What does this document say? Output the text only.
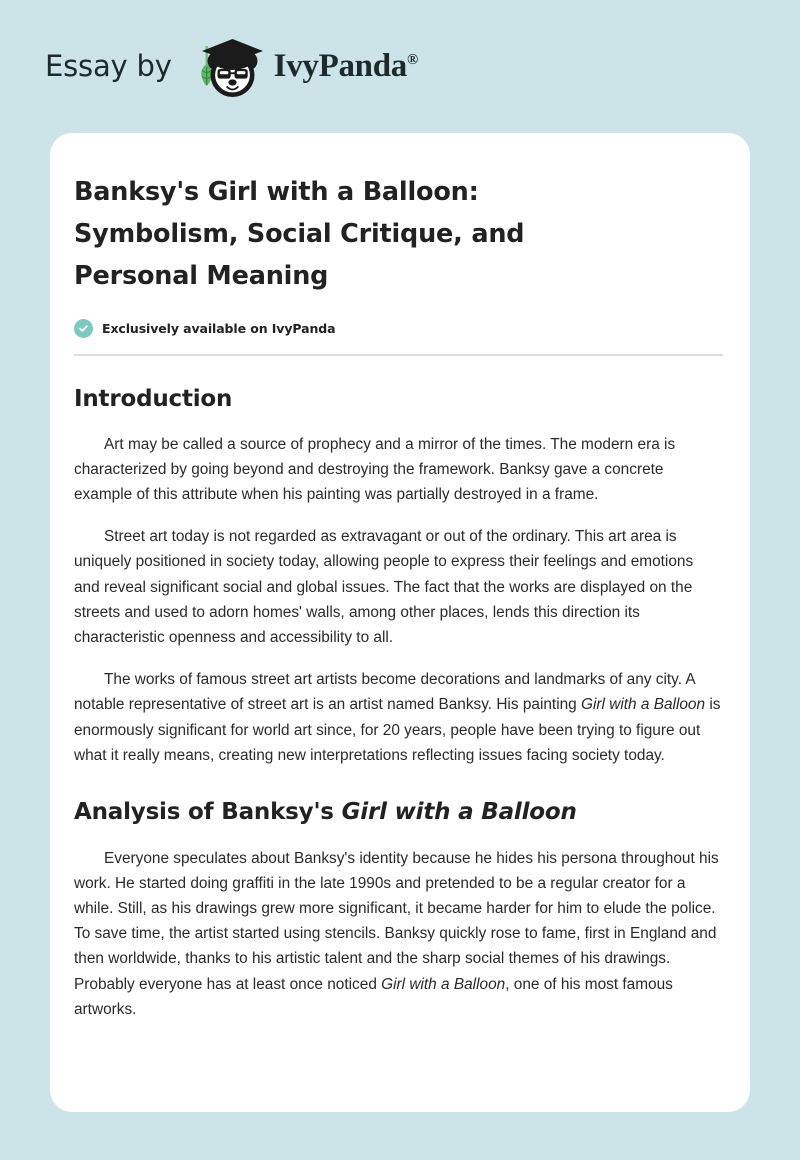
Essay by	IvyPanda®
Banksy's Girl with a Balloon: Symbolism, Social Critique, and Personal Meaning
Exclusively available on IvyPanda
Introduction

Art may be called a source of prophecy and a mirror of the times. The modern era is characterized by going beyond and destroying the framework. Banksy gave a concrete example of this attribute when his painting was partially destroyed in a frame.

Street art today is not regarded as extravagant or out of the ordinary. This art area is uniquely positioned in society today, allowing people to express their feelings and emotions and reveal significant social and global issues. The fact that the works are displayed on the streets and used to adorn homes' walls, among other places, lends this direction its characteristic openness and accessibility to all.

The works of famous street art artists become decorations and landmarks of any city. A notable representative of street art is an artist named Banksy. His painting Girl with a Balloon is enormously significant for world art since, for 20 years, people have been trying to figure out what it really means, creating new interpretations reflecting issues facing society today.

Analysis of Banksy's Girl with a Balloon

Everyone speculates about Banksy's identity because he hides his persona throughout his work. He started doing graffiti in the late 1990s and pretended to be a regular creator for a while. Still, as his drawings grew more significant, it became harder for him to elude the police. To save time, the artist started using stencils. Banksy quickly rose to fame, first in England and then worldwide, thanks to his artistic talent and the sharp social themes of his drawings. Probably everyone has at least once noticed Girl with a Balloon, one of his most famous artworks.
